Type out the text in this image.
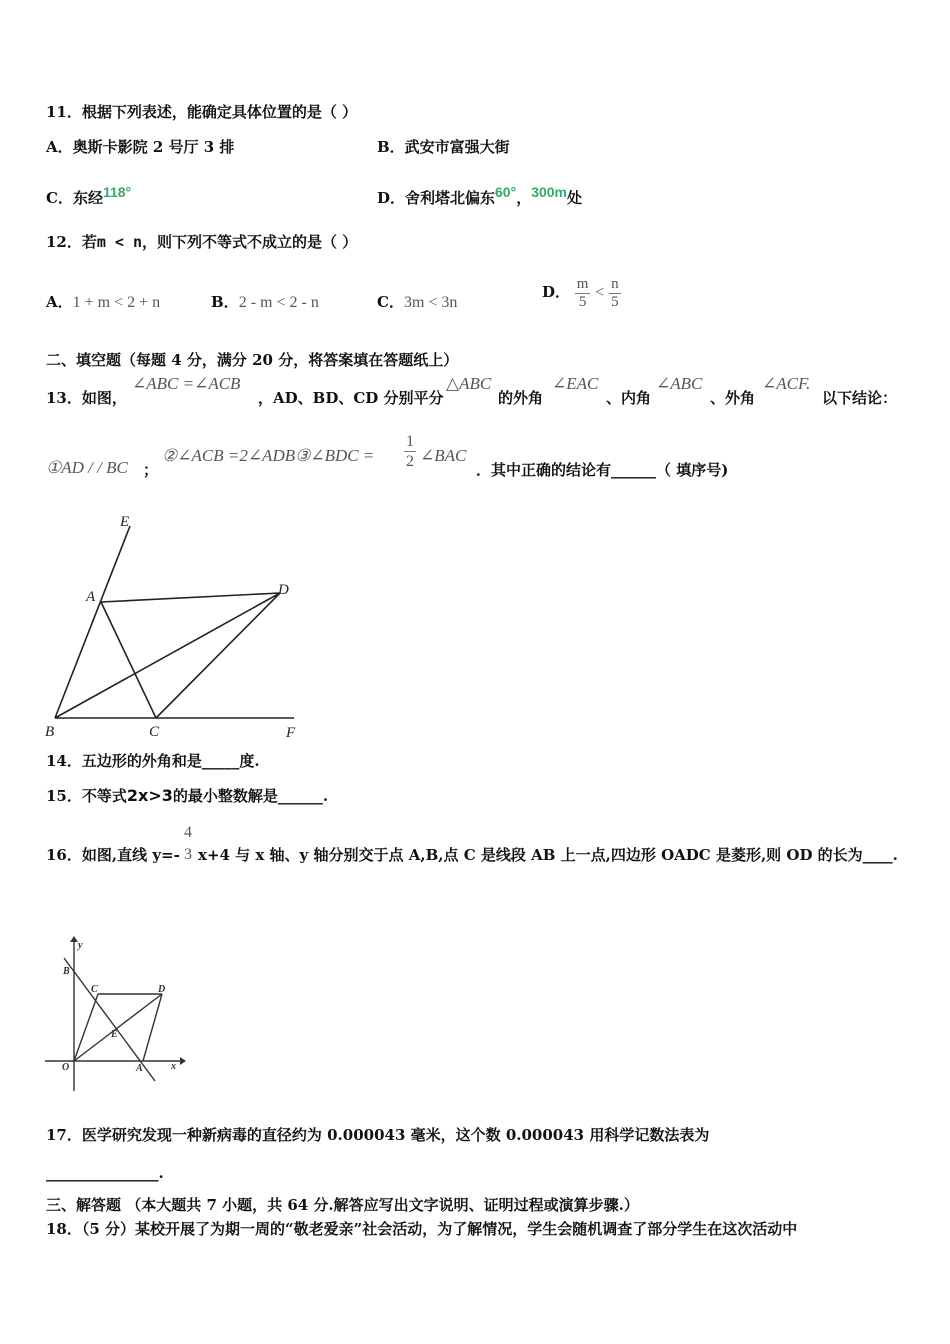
11．根据下列表述，能确定具体位置的是（ ）
A．奥斯卡影院 2 号厅 3 排	B．武安市富强大街
C．东经$^{118^\circ}$	D．舍利塔北偏东$^{60^\circ}$，$^{300m}$处
12．若m < n，则下列不等式不成立的是（ ）
A．1 + m < 2 + n	B．2 - m < 2 - n	C．3m < 3n
D． $\frac{m}{5} < \frac{n}{5}$
二、填空题（每题 4 分，满分 20 分，将答案填在答题纸上）
13．如图，
∠ABC =∠ACB
，AD、BD、CD 分别平分
△ABC
的外角
∠EAC
、内角
∠ABC
、外角
∠ACF.
以下结论：
①AD / / BC ；
②∠ACB =2∠ADB③∠BDC = $\frac{1}{2}$ ∠BAC
．其中正确的结论有______（ 填序号)
E
A	D
B	C	F
14．五边形的外角和是_____度.
15．不等式2x>3的最小整数解是______.
16．如图,直线 y=-
4
3 x+4 与 x 轴、y 轴分别交于点 A,B,点 C 是线段 AB 上一点,四边形 OADC 是菱形,则 OD 的长为____.
y
B
C	D
E
O	A	x
17．医学研究发现一种新病毒的直径约为 0.000043 毫米，这个数 0.000043 用科学记数法表为
_______________.
三、解答题 （本大题共 7 小题，共 64 分.解答应写出文字说明、证明过程或演算步骤.）
18．（5 分）某校开展了为期一周的“敬老爱亲”社会活动，为了解情况，学生会随机调查了部分学生在这次活动中
